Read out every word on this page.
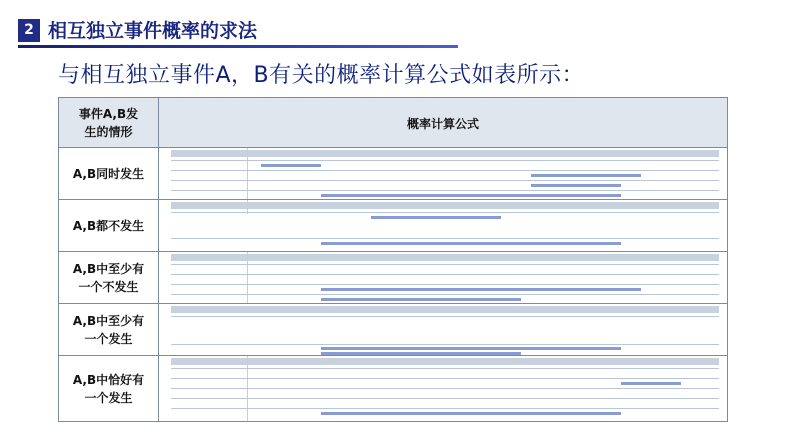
2 相互独立事件概率的求法
与相互独立事件A，B有关的概率计算公式如表所示：
事件A,B发生的情形
概率计算公式
A,B同时发生
A,B都不发生
A,B中至少有一个不发生
A,B中至少有一个发生
A,B中恰好有一个发生
